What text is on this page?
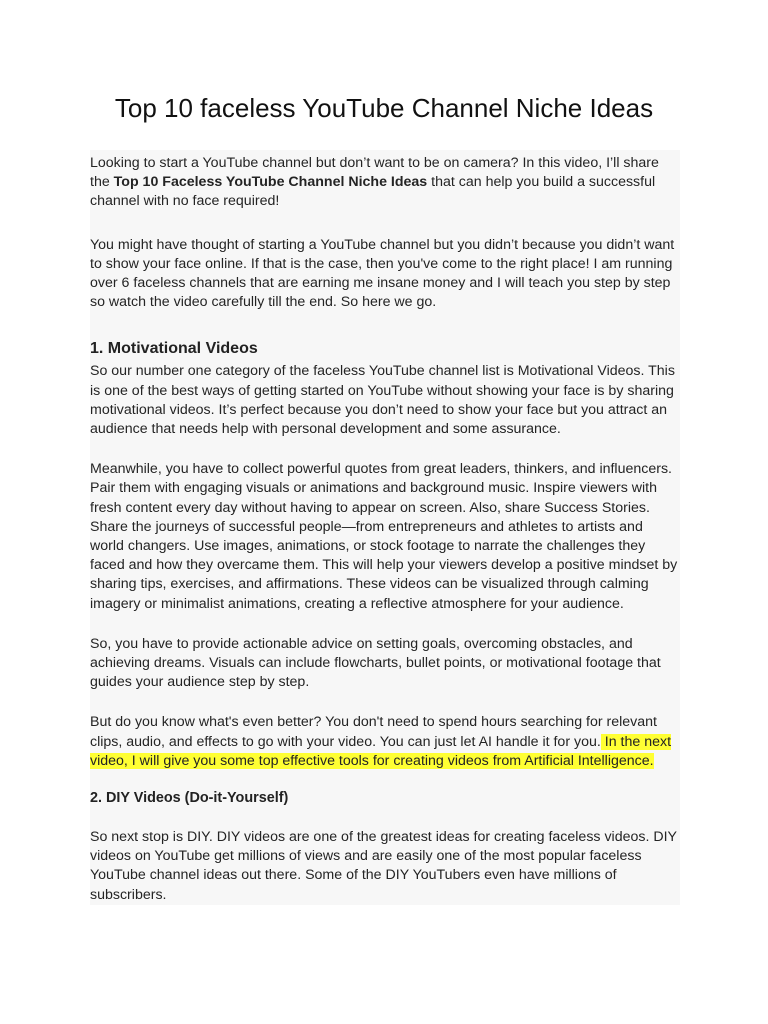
Top 10 faceless YouTube Channel Niche Ideas

Looking to start a YouTube channel but don’t want to be on camera? In this video, I’ll share the Top 10 Faceless YouTube Channel Niche Ideas that can help you build a successful channel with no face required!

You might have thought of starting a YouTube channel but you didn’t because you didn’t want to show your face online. If that is the case, then you've come to the right place! I am running over 6 faceless channels that are earning me insane money and I will teach you step by step so watch the video carefully till the end. So here we go.

1. Motivational Videos

So our number one category of the faceless YouTube channel list is Motivational Videos. This is one of the best ways of getting started on YouTube without showing your face is by sharing motivational videos. It’s perfect because you don’t need to show your face but you attract an audience that needs help with personal development and some assurance.

Meanwhile, you have to collect powerful quotes from great leaders, thinkers, and influencers. Pair them with engaging visuals or animations and background music. Inspire viewers with fresh content every day without having to appear on screen. Also, share Success Stories. Share the journeys of successful people—from entrepreneurs and athletes to artists and world changers. Use images, animations, or stock footage to narrate the challenges they faced and how they overcame them. This will help your viewers develop a positive mindset by sharing tips, exercises, and affirmations. These videos can be visualized through calming imagery or minimalist animations, creating a reflective atmosphere for your audience.

So, you have to provide actionable advice on setting goals, overcoming obstacles, and achieving dreams. Visuals can include flowcharts, bullet points, or motivational footage that guides your audience step by step.

But do you know what's even better? You don't need to spend hours searching for relevant clips, audio, and effects to go with your video. You can just let AI handle it for you. In the next video, I will give you some top effective tools for creating videos from Artificial Intelligence.

2. DIY Videos (Do-it-Yourself)

So next stop is DIY. DIY videos are one of the greatest ideas for creating faceless videos. DIY videos on YouTube get millions of views and are easily one of the most popular faceless YouTube channel ideas out there. Some of the DIY YouTubers even have millions of subscribers.
